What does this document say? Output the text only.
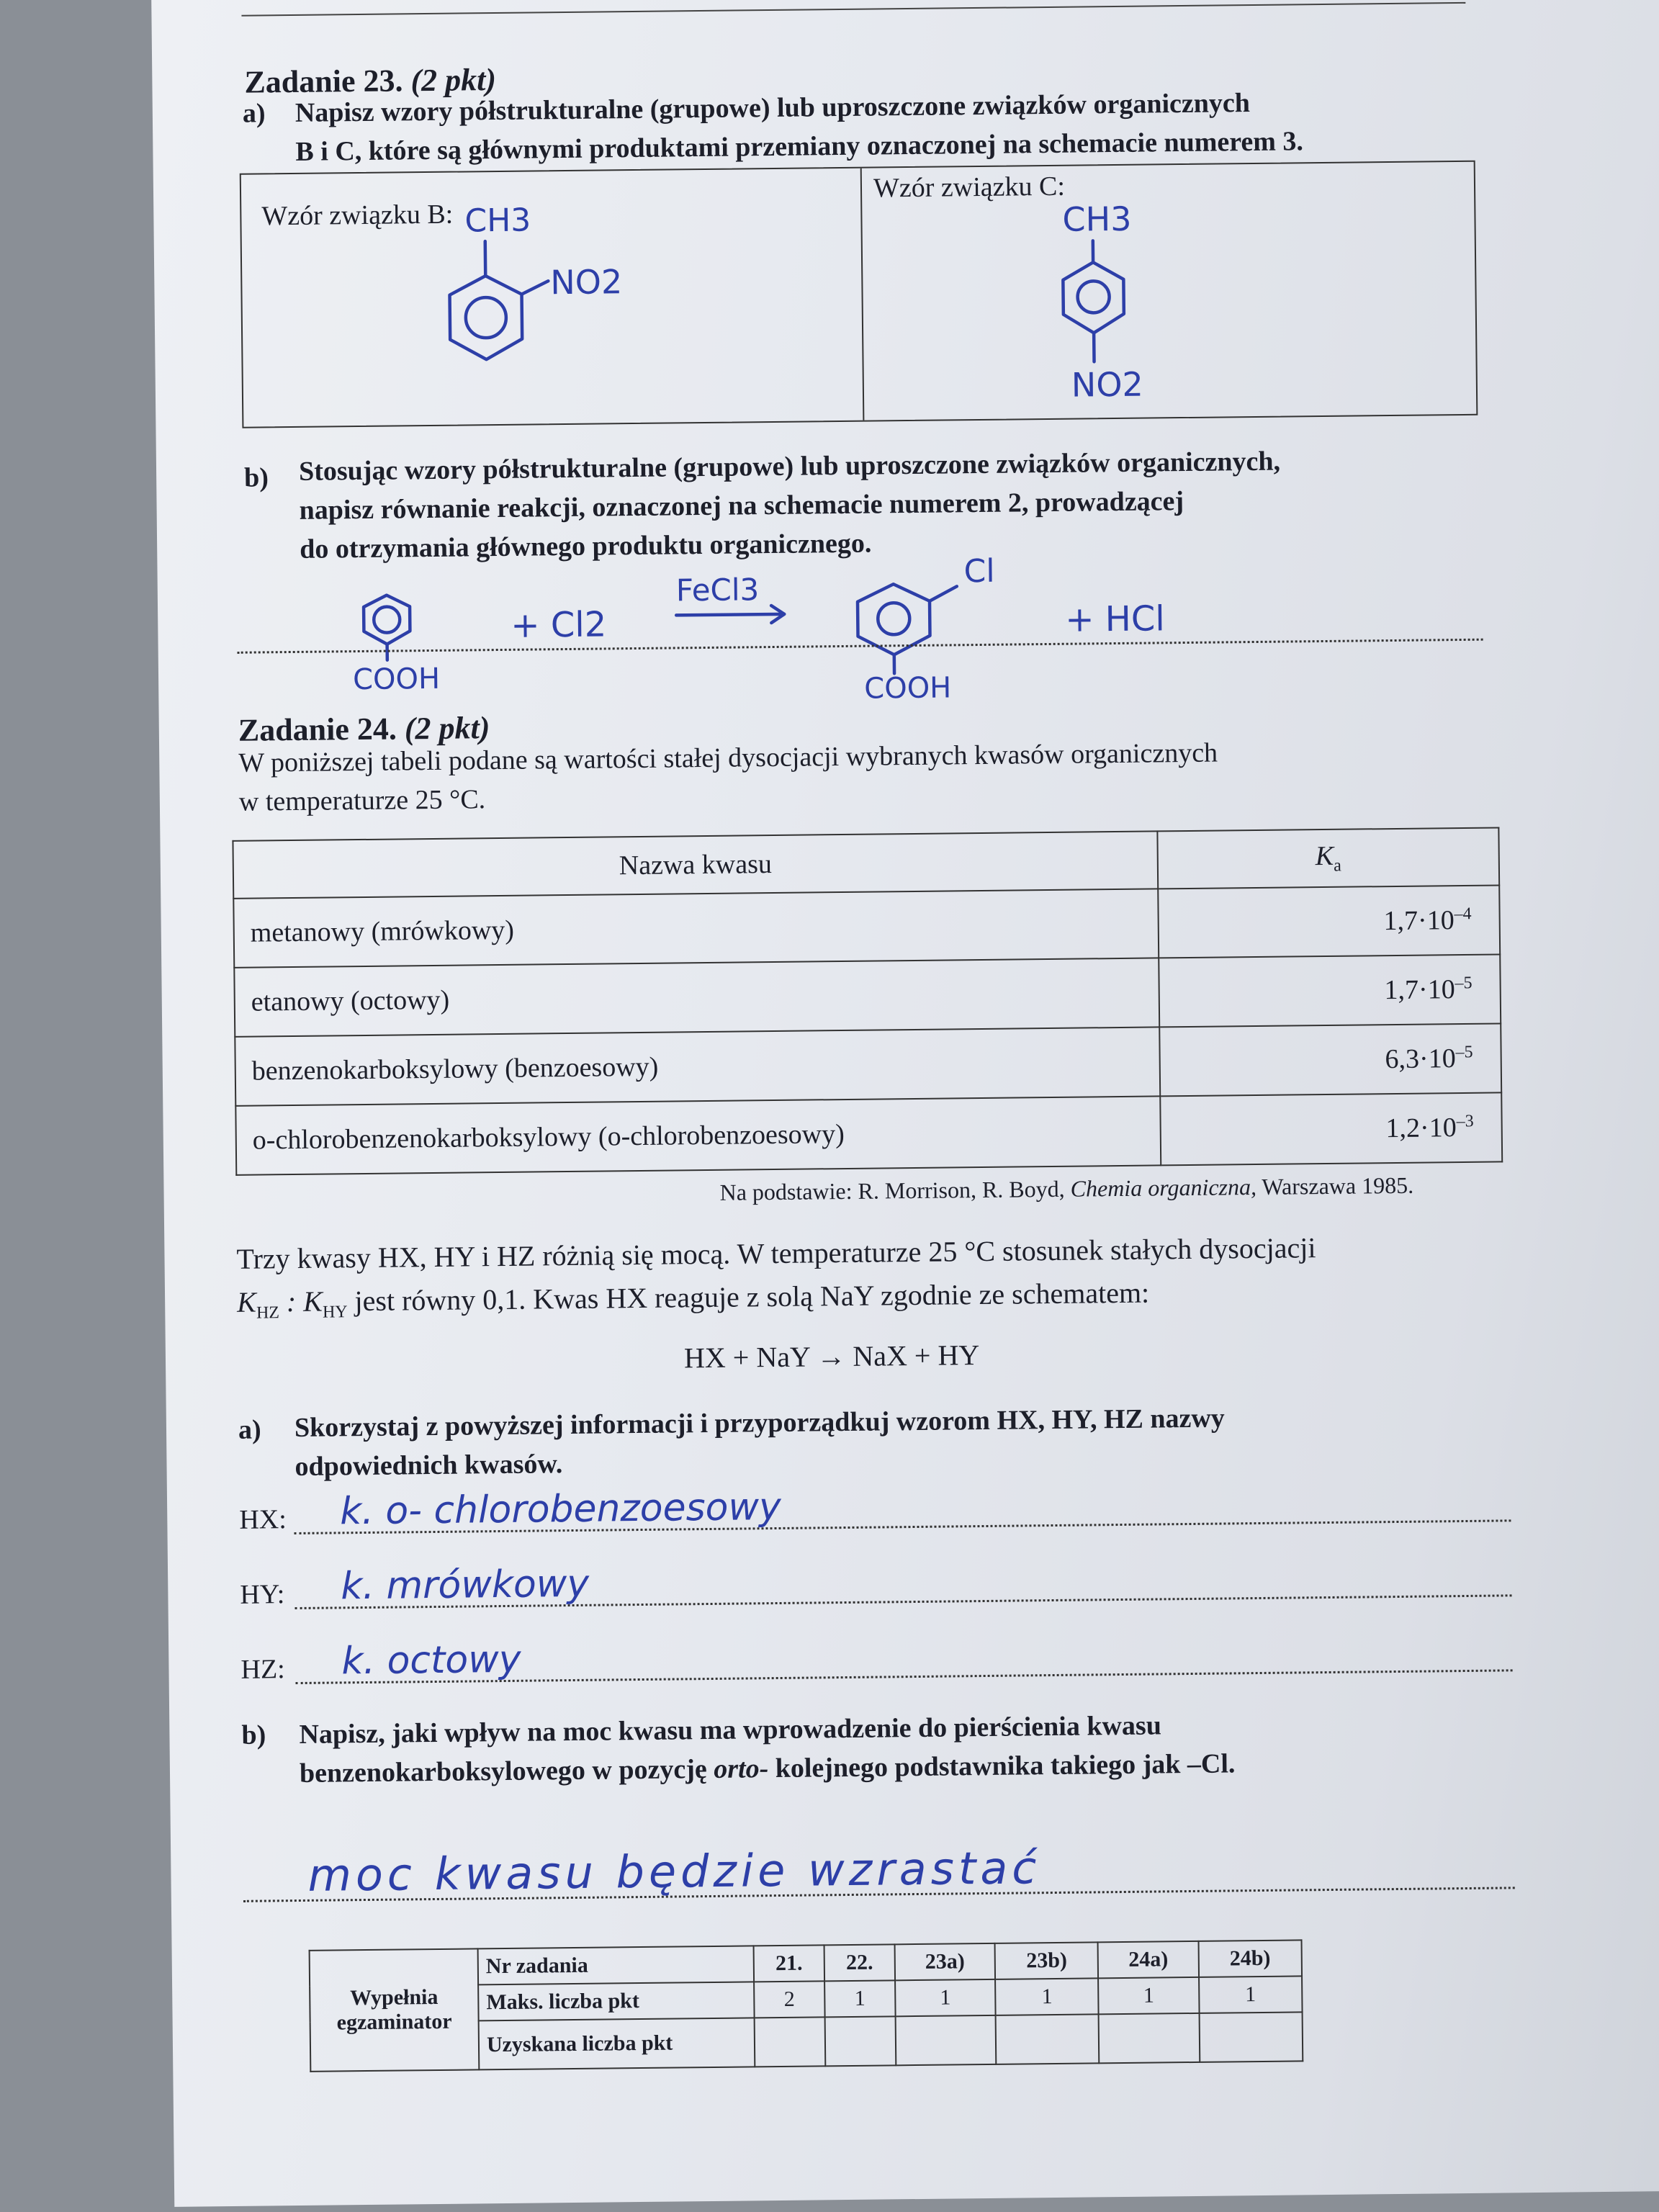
Zadanie 23. (2 pkt)
a) Napisz wzory półstrukturalne (grupowe) lub uproszczone związków organicznych
B i C, które są głównymi produktami przemiany oznaczonej na schemacie numerem 3.
Wzór związku B:
Wzór związku C:
CH3
NO2
CH3
NO2
b) Stosując wzory półstrukturalne (grupowe) lub uproszczone związków organicznych,
napisz równanie reakcji, oznaczonej na schemacie numerem 2, prowadzącej
do otrzymania głównego produktu organicznego.
COOH
+ Cl2
FeCl3
Cl
COOH
+ HCl
Zadanie 24. (2 pkt)
W poniższej tabeli podane są wartości stałej dysocjacji wybranych kwasów organicznych
w temperaturze 25 °C.
Nazwa kwasu	$K_a$
metanowy (mrówkowy)	$1,7\cdot 10^{-4}$
etanowy (octowy)	$1,7\cdot 10^{-5}$
benzenokarboksylowy (benzoesowy)	$6,3\cdot 10^{-5}$
o-chlorobenzenokarboksylowy (o-chlorobenzoesowy)	$1,2\cdot 10^{-3}$
Na podstawie: R. Morrison, R. Boyd, Chemia organiczna, Warszawa 1985.
Trzy kwasy HX, HY i HZ różnią się mocą. W temperaturze 25 °C stosunek stałych dysocjacji
$K_{HZ}$ : $K_{HY}$ jest równy 0,1. Kwas HX reaguje z solą NaY zgodnie ze schematem:
HX + NaY → NaX + HY
a) Skorzystaj z powyższej informacji i przyporządkuj wzorom HX, HY, HZ nazwy
odpowiednich kwasów.
HX: k. o- chlorobenzoesowy
HY: k. mrówkowy
HZ: k. octowy
b) Napisz, jaki wpływ na moc kwasu ma wprowadzenie do pierścienia kwasu
benzenokarboksylowego w pozycję orto- kolejnego podstawnika takiego jak –Cl.
moc kwasu będzie wzrastać
Wypełnia
egzaminator	Nr zadania	21.	22.	23a)	23b)	24a)	24b)
	Maks. liczba pkt	2	1	1	1	1	1
	Uzyskana liczba pkt						
